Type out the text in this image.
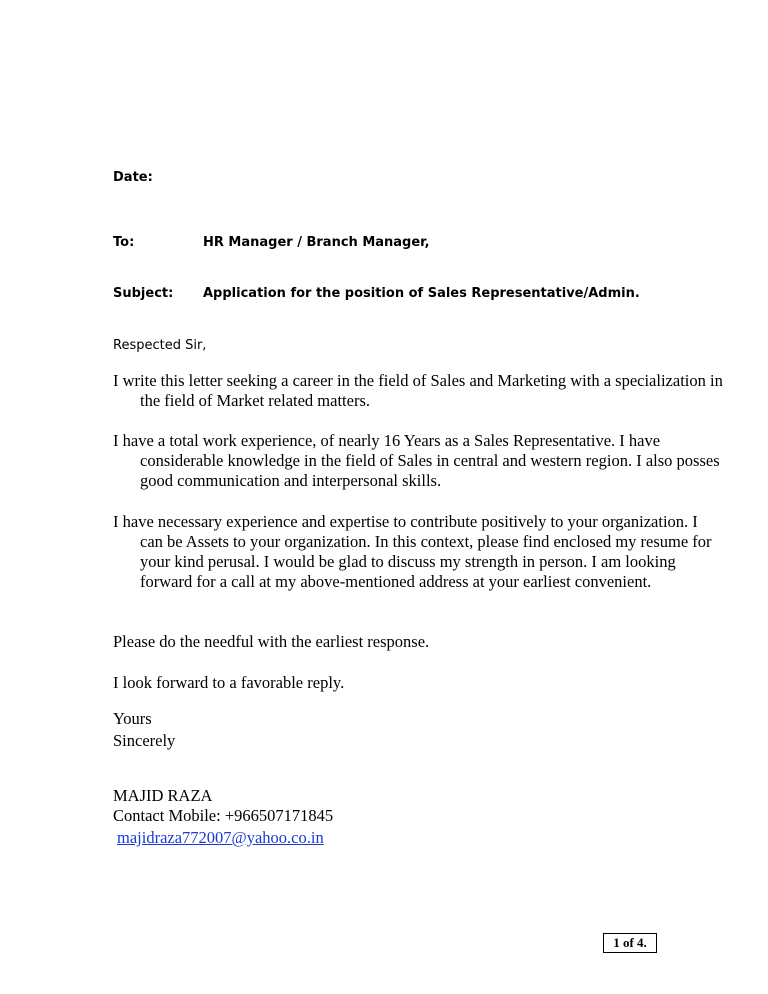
Date:
To:	HR Manager / Branch Manager,
Subject: Application for the position of Sales Representative/Admin.
Respected Sir,

I write this letter seeking a career in the field of Sales and Marketing with a specialization in the field of Market related matters.

I have a total work experience, of nearly 16 Years as a Sales Representative. I have considerable knowledge in the field of Sales in central and western region. I also posses good communication and interpersonal skills.

I have necessary experience and expertise to contribute positively to your organization. I can be Assets to your organization. In this context, please find enclosed my resume for your kind perusal. I would be glad to discuss my strength in person. I am looking forward for a call at my above-mentioned address at your earliest convenient.

Please do the needful with the earliest response.

I look forward to a favorable reply.

Yours
Sincerely
MAJID RAZA
Contact Mobile: +966507171845
majidraza772007@yahoo.co.in
1 of 4.
